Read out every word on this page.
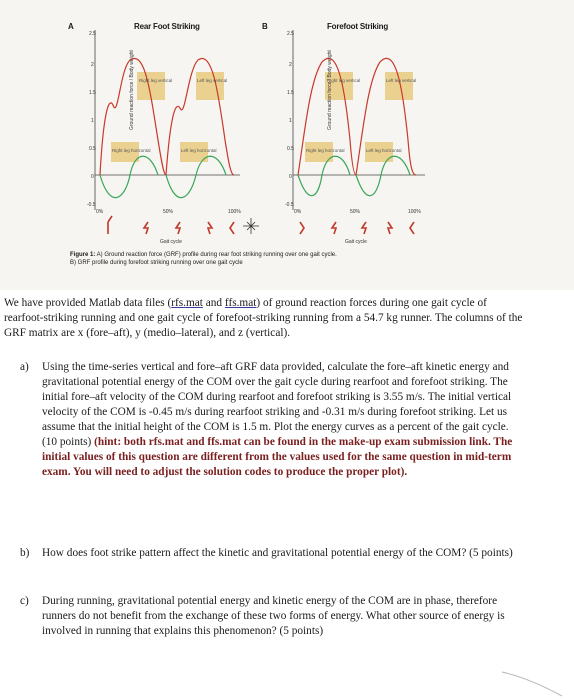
Ground reaction force / Body weight	Ground reaction force / Body weight
2.5
2
1.5
1
0.5
0
-0.5
2.5
2
1.5
1
0.5
0
-0.5
0%	50%	100%	0%	50%	100%
Gait cycle	Gait cycle
Right leg vertical	Left leg vertical
Right leg horizontal	Left leg horizontal
Right leg vertical	Left leg vertical
Right leg horizontal	Left leg horizontal
A	Rear Foot Striking	B	Forefoot Striking
Figure 1: A) Ground reaction force (GRF) profile during rear foot striking running over one gait cycle.
B) GRF profile during forefoot striking running over one gait cycle
We have provided Matlab data files (rfs.mat and ffs.mat) of ground reaction forces during one gait cycle of rearfoot-striking running and one gait cycle of forefoot-striking running from a 54.7 kg runner. The columns of the GRF matrix are x (fore–aft), y (medio–lateral), and z (vertical).
a) Using the time-series vertical and fore–aft GRF data provided, calculate the fore–aft kinetic energy and gravitational potential energy of the COM over the gait cycle during rearfoot and forefoot striking. The initial fore–aft velocity of the COM during rearfoot and forefoot striking is 3.55 m/s. The initial vertical velocity of the COM is -0.45 m/s during rearfoot striking and -0.31 m/s during forefoot striking. Let us assume that the initial height of the COM is 1.5 m. Plot the energy curves as a percent of the gait cycle. (10 points) (hint: both rfs.mat and ffs.mat can be found in the make-up exam submission link. The initial values of this question are different from the values used for the same question in mid-term exam. You will need to adjust the solution codes to produce the proper plot).
b) How does foot strike pattern affect the kinetic and gravitational potential energy of the COM? (5 points)
c) During running, gravitational potential energy and kinetic energy of the COM are in phase, therefore runners do not benefit from the exchange of these two forms of energy. What other source of energy is involved in running that explains this phenomenon? (5 points)
